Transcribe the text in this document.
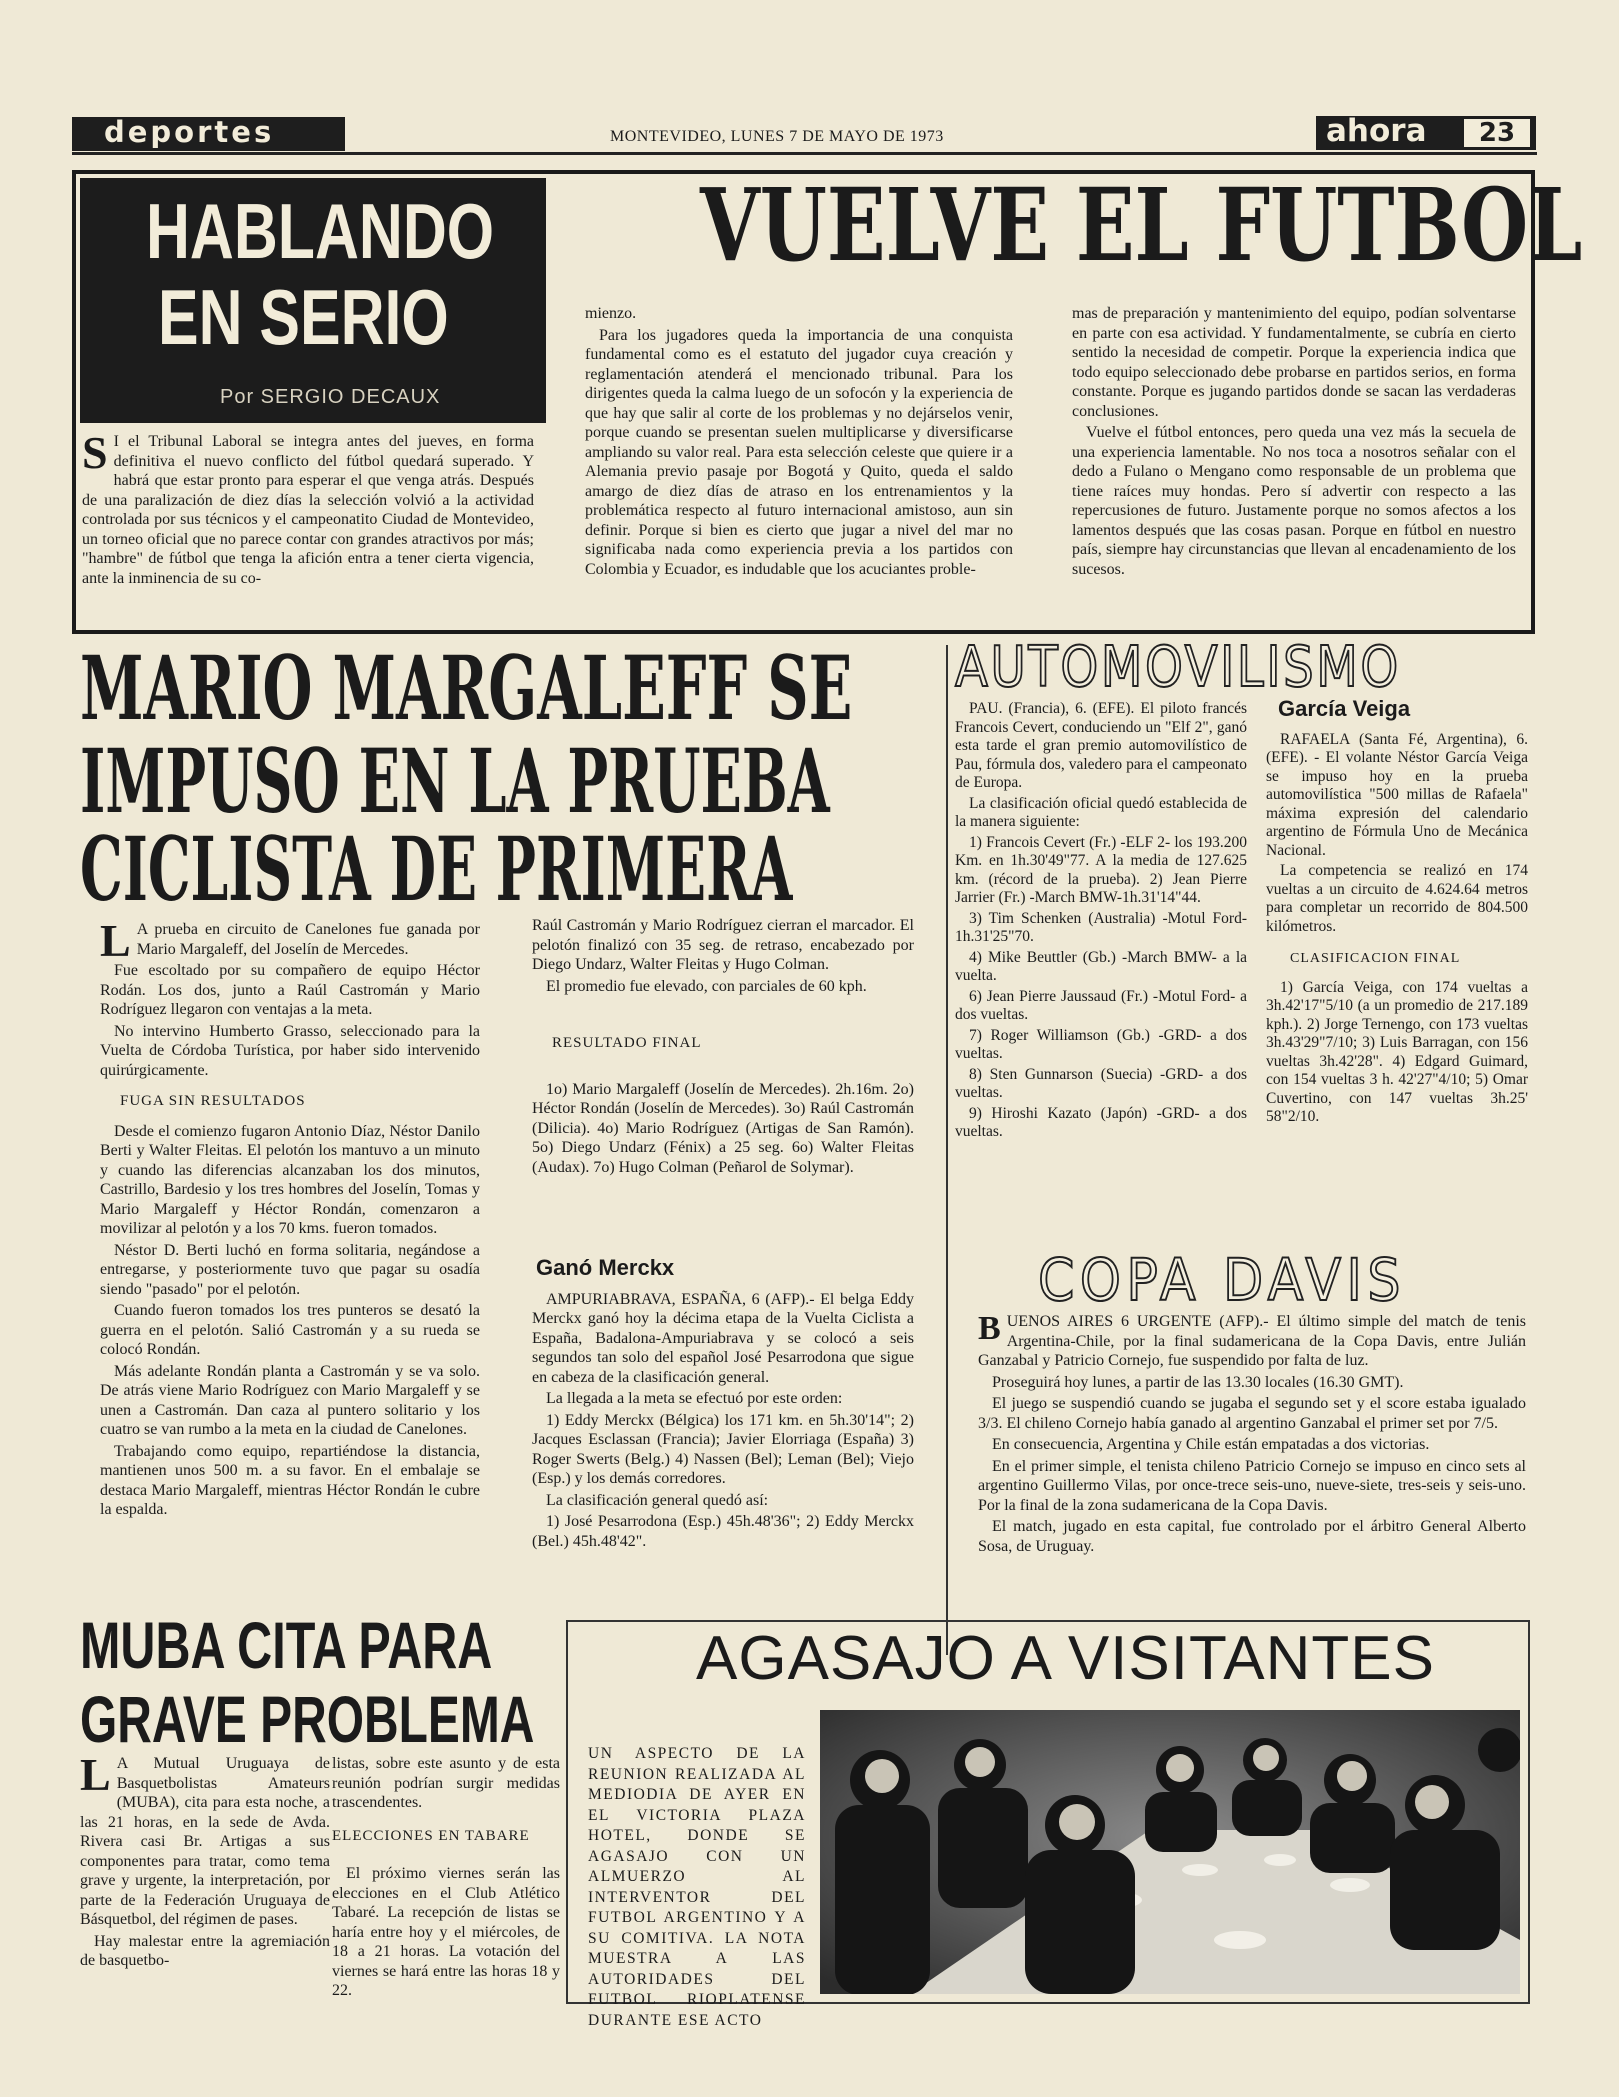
deportes	MONTEVIDEO, LUNES 7 DE MAYO DE 1973	ahora	23
HABLANDO
EN SERIO
Por SERGIO DECAUX
VUELVE EL FUTBOL

S I el Tribunal Laboral se integra antes del jueves, en forma definitiva el nuevo conflicto del fútbol quedará superado. Y habrá que estar pronto para esperar el que venga atrás. Después de una paralización de diez días la selección volvió a la actividad controlada por sus técnicos y el campeonatito Ciudad de Montevideo, un torneo oficial que no parece contar con grandes atractivos por más; "hambre" de fútbol que tenga la afición entra a tener cierta vigencia, ante la inminencia de su co-

mienzo.

Para los jugadores queda la importancia de una conquista fundamental como es el estatuto del jugador cuya creación y reglamentación atenderá el mencionado tribunal. Para los dirigentes queda la calma luego de un sofocón y la experiencia de que hay que salir al corte de los problemas y no dejárselos venir, porque cuando se presentan suelen multiplicarse y diversificarse ampliando su valor real. Para esta selección celeste que quiere ir a Alemania previo pasaje por Bogotá y Quito, queda el saldo amargo de diez días de atraso en los entrenamientos y la problemática respecto al futuro internacional amistoso, aun sin definir. Porque si bien es cierto que jugar a nivel del mar no significaba nada como experiencia previa a los partidos con Colombia y Ecuador, es indudable que los acuciantes proble-

mas de preparación y mantenimiento del equipo, podían solventarse en parte con esa actividad. Y fundamentalmente, se cubría en cierto sentido la necesidad de competir. Porque la experiencia indica que todo equipo seleccionado debe probarse en partidos serios, en forma constante. Porque es jugando partidos donde se sacan las verdaderas conclusiones.

Vuelve el fútbol entonces, pero queda una vez más la secuela de una experiencia lamentable. No nos toca a nosotros señalar con el dedo a Fulano o Mengano como responsable de un problema que tiene raíces muy hondas. Pero sí advertir con respecto a las repercusiones de futuro. Justamente porque no somos afectos a los lamentos después que las cosas pasan. Porque en fútbol en nuestro país, siempre hay circunstancias que llevan al encadenamiento de los sucesos.

MARIO MARGALEFF SE
IMPUSO EN LA PRUEBA
CICLISTA DE PRIMERA

L A prueba en circuito de Canelones fue ganada por Mario Margaleff, del Joselín de Mercedes.

Fue escoltado por su compañero de equipo Héctor Rodán. Los dos, junto a Raúl Castromán y Mario Rodríguez llegaron con ventajas a la meta.

No intervino Humberto Grasso, seleccionado para la Vuelta de Córdoba Turística, por haber sido intervenido quirúrgicamente.

FUGA SIN RESULTADOS

Desde el comienzo fugaron Antonio Díaz, Néstor Danilo Berti y Walter Fleitas. El pelotón los mantuvo a un minuto y cuando las diferencias alcanzaban los dos minutos, Castrillo, Bardesio y los tres hombres del Joselín, Tomas y Mario Margaleff y Héctor Rondán, comenzaron a movilizar al pelotón y a los 70 kms. fueron tomados.

Néstor D. Berti luchó en forma solitaria, negándose a entregarse, y posteriormente tuvo que pagar su osadía siendo "pasado" por el pelotón.

Cuando fueron tomados los tres punteros se desató la guerra en el pelotón. Salió Castromán y a su rueda se colocó Rondán.

Más adelante Rondán planta a Castromán y se va solo. De atrás viene Mario Rodríguez con Mario Margaleff y se unen a Castromán. Dan caza al puntero solitario y los cuatro se van rumbo a la meta en la ciudad de Canelones.

Trabajando como equipo, repartiéndose la distancia, mantienen unos 500 m. a su favor. En el embalaje se destaca Mario Margaleff, mientras Héctor Rondán le cubre la espalda.

Raúl Castromán y Mario Rodríguez cierran el marcador. El pelotón finalizó con 35 seg. de retraso, encabezado por Diego Undarz, Walter Fleitas y Hugo Colman.

El promedio fue elevado, con parciales de 60 kph.

RESULTADO FINAL

1o) Mario Margaleff (Joselín de Mercedes). 2h.16m. 2o) Héctor Rondán (Joselín de Mercedes). 3o) Raúl Castromán (Dilicia). 4o) Mario Rodríguez (Artigas de San Ramón). 5o) Diego Undarz (Fénix) a 25 seg. 6o) Walter Fleitas (Audax). 7o) Hugo Colman (Peñarol de Solymar).

Ganó Merckx

AMPURIABRAVA, ESPAÑA, 6 (AFP).- El belga Eddy Merckx ganó hoy la décima etapa de la Vuelta Ciclista a España, Badalona-Ampuriabrava y se colocó a seis segundos tan solo del español José Pesarrodona que sigue en cabeza de la clasificación general.

La llegada a la meta se efectuó por este orden:

1) Eddy Merckx (Bélgica) los 171 km. en 5h.30'14"; 2) Jacques Esclassan (Francia); Javier Elorriaga (España) 3) Roger Swerts (Belg.) 4) Nassen (Bel); Leman (Bel); Viejo (Esp.) y los demás corredores.

La clasificación general quedó así:

1) José Pesarrodona (Esp.) 45h.48'36"; 2) Eddy Merckx (Bel.) 45h.48'42".

AUTOMOVILISMO

PAU. (Francia), 6. (EFE). El piloto francés Francois Cevert, conduciendo un "Elf 2", ganó esta tarde el gran premio automovilístico de Pau, fórmula dos, valedero para el campeonato de Europa.

La clasificación oficial quedó establecida de la manera siguiente:

1) Francois Cevert (Fr.) -ELF 2- los 193.200 Km. en 1h.30'49"77. A la media de 127.625 km. (récord de la prueba). 2) Jean Pierre Jarrier (Fr.) -March BMW-1h.31'14"44.

3) Tim Schenken (Australia) -Motul Ford- 1h.31'25"70.

4) Mike Beuttler (Gb.) -March BMW- a la vuelta.

6) Jean Pierre Jaussaud (Fr.) -Motul Ford- a dos vueltas.

7) Roger Williamson (Gb.) -GRD- a dos vueltas.

8) Sten Gunnarson (Suecia) -GRD- a dos vueltas.

9) Hiroshi Kazato (Japón) -GRD- a dos vueltas.

García Veiga

RAFAELA (Santa Fé, Argentina), 6. (EFE). - El volante Néstor García Veiga se impuso hoy en la prueba automovilística "500 millas de Rafaela" máxima expresión del calendario argentino de Fórmula Uno de Mecánica Nacional.

La competencia se realizó en 174 vueltas a un circuito de 4.624.64 metros para completar un recorrido de 804.500 kilómetros.

CLASIFICACION FINAL

1) García Veiga, con 174 vueltas a 3h.42'17"5/10 (a un promedio de 217.189 kph.). 2) Jorge Ternengo, con 173 vueltas 3h.43'29"7/10; 3) Luis Barragan, con 156 vueltas 3h.42'28". 4) Edgard Guimard, con 154 vueltas 3 h. 42'27"4/10; 5) Omar Cuvertino, con 147 vueltas 3h.25' 58"2/10.

COPA DAVIS

BUENOS AIRES 6 URGENTE (AFP).- El último simple del match de tenis Argentina-Chile, por la final sudamericana de la Copa Davis, entre Julián Ganzabal y Patricio Cornejo, fue suspendido por falta de luz.

Proseguirá hoy lunes, a partir de las 13.30 locales (16.30 GMT).

El juego se suspendió cuando se jugaba el segundo set y el score estaba igualado 3/3. El chileno Cornejo había ganado al argentino Ganzabal el primer set por 7/5.

En consecuencia, Argentina y Chile están empatadas a dos victorias.

En el primer simple, el tenista chileno Patricio Cornejo se impuso en cinco sets al argentino Guillermo Vilas, por once-trece seis-uno, nueve-siete, tres-seis y seis-uno. Por la final de la zona sudamericana de la Copa Davis.

El match, jugado en esta capital, fue controlado por el árbitro General Alberto Sosa, de Uruguay.

MUBA CITA PARA
GRAVE PROBLEMA

L A Mutual Uruguaya de Basquetbolistas Amateurs (MUBA), cita para esta noche, a las 21 horas, en la sede de Avda. Rivera casi Br. Artigas a sus componentes para tratar, como tema grave y urgente, la interpretación, por parte de la Federación Uruguaya de Básquetbol, del régimen de pases.

Hay malestar entre la agremiación de basquetbo-

listas, sobre este asunto y de esta reunión podrían surgir medidas trascendentes.

ELECCIONES EN TABARE

El próximo viernes serán las elecciones en el Club Atlético Tabaré. La recepción de listas se haría entre hoy y el miércoles, de 18 a 21 horas. La votación del viernes se hará entre las horas 18 y 22.

AGASAJO A VISITANTES
UN ASPECTO DE LA REUNION REALIZADA AL MEDIODIA DE AYER EN EL VICTORIA PLAZA HOTEL, DONDE SE AGASAJO CON UN ALMUERZO AL INTERVENTOR DEL FUTBOL ARGENTINO Y A SU COMITIVA. LA NOTA MUESTRA A LAS AUTORIDADES DEL FUTBOL RIOPLATENSE DURANTE ESE ACTO
